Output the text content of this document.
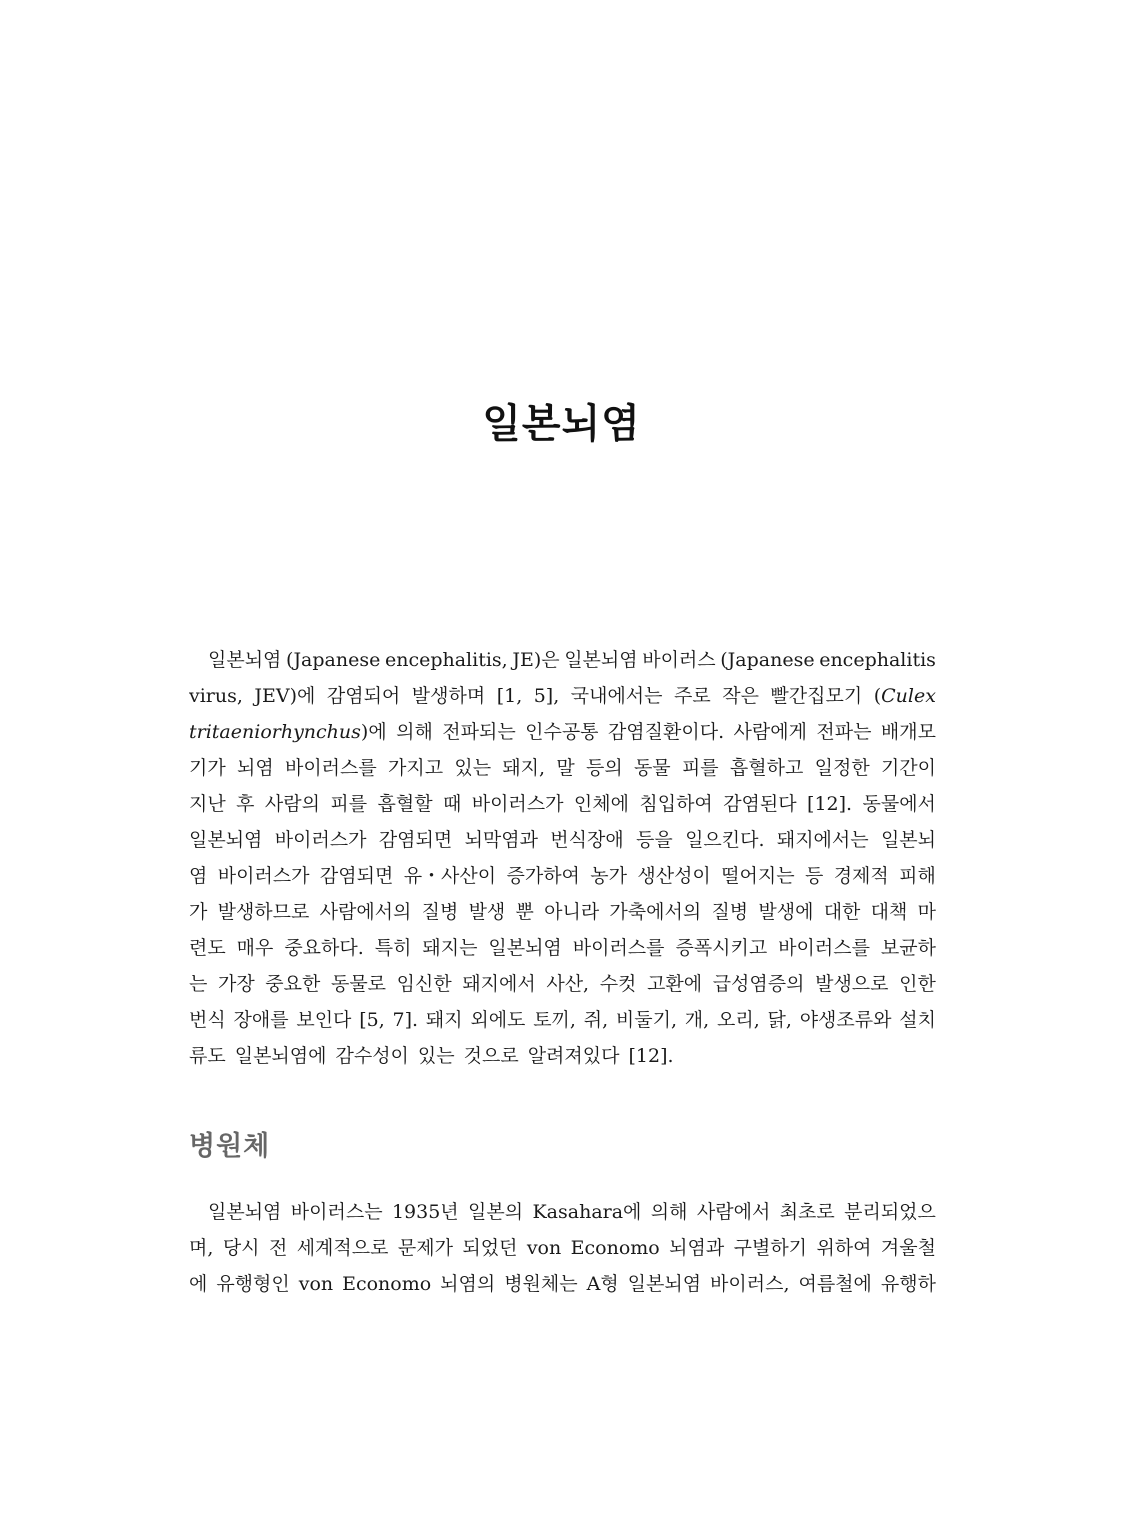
일본뇌염
일본뇌염 (Japanese encephalitis, JE)은 일본뇌염 바이러스 (Japanese encephalitis
virus, JEV)에 감염되어 발생하며 [1, 5], 국내에서는 주로 작은 빨간집모기 (Culex
tritaeniorhynchus)에 의해 전파되는 인수공통 감염질환이다. 사람에게 전파는 배개모
기가 뇌염 바이러스를 가지고 있는 돼지, 말 등의 동물 피를 흡혈하고 일정한 기간이
지난 후 사람의 피를 흡혈할 때 바이러스가 인체에 침입하여 감염된다 [12]. 동물에서
일본뇌염 바이러스가 감염되면 뇌막염과 번식장애 등을 일으킨다. 돼지에서는 일본뇌
염 바이러스가 감염되면 유・사산이 증가하여 농가 생산성이 떨어지는 등 경제적 피해
가 발생하므로 사람에서의 질병 발생 뿐 아니라 가축에서의 질병 발생에 대한 대책 마
련도 매우 중요하다. 특히 돼지는 일본뇌염 바이러스를 증폭시키고 바이러스를 보균하
는 가장 중요한 동물로 임신한 돼지에서 사산, 수컷 고환에 급성염증의 발생으로 인한
번식 장애를 보인다 [5, 7]. 돼지 외에도 토끼, 쥐, 비둘기, 개, 오리, 닭, 야생조류와 설치
류도 일본뇌염에 감수성이 있는 것으로 알려져있다 [12].
병원체
일본뇌염 바이러스는 1935년 일본의 Kasahara에 의해 사람에서 최초로 분리되었으
며, 당시 전 세계적으로 문제가 되었던 von Economo 뇌염과 구별하기 위하여 겨울철
에 유행형인 von Economo 뇌염의 병원체는 A형 일본뇌염 바이러스, 여름철에 유행하
